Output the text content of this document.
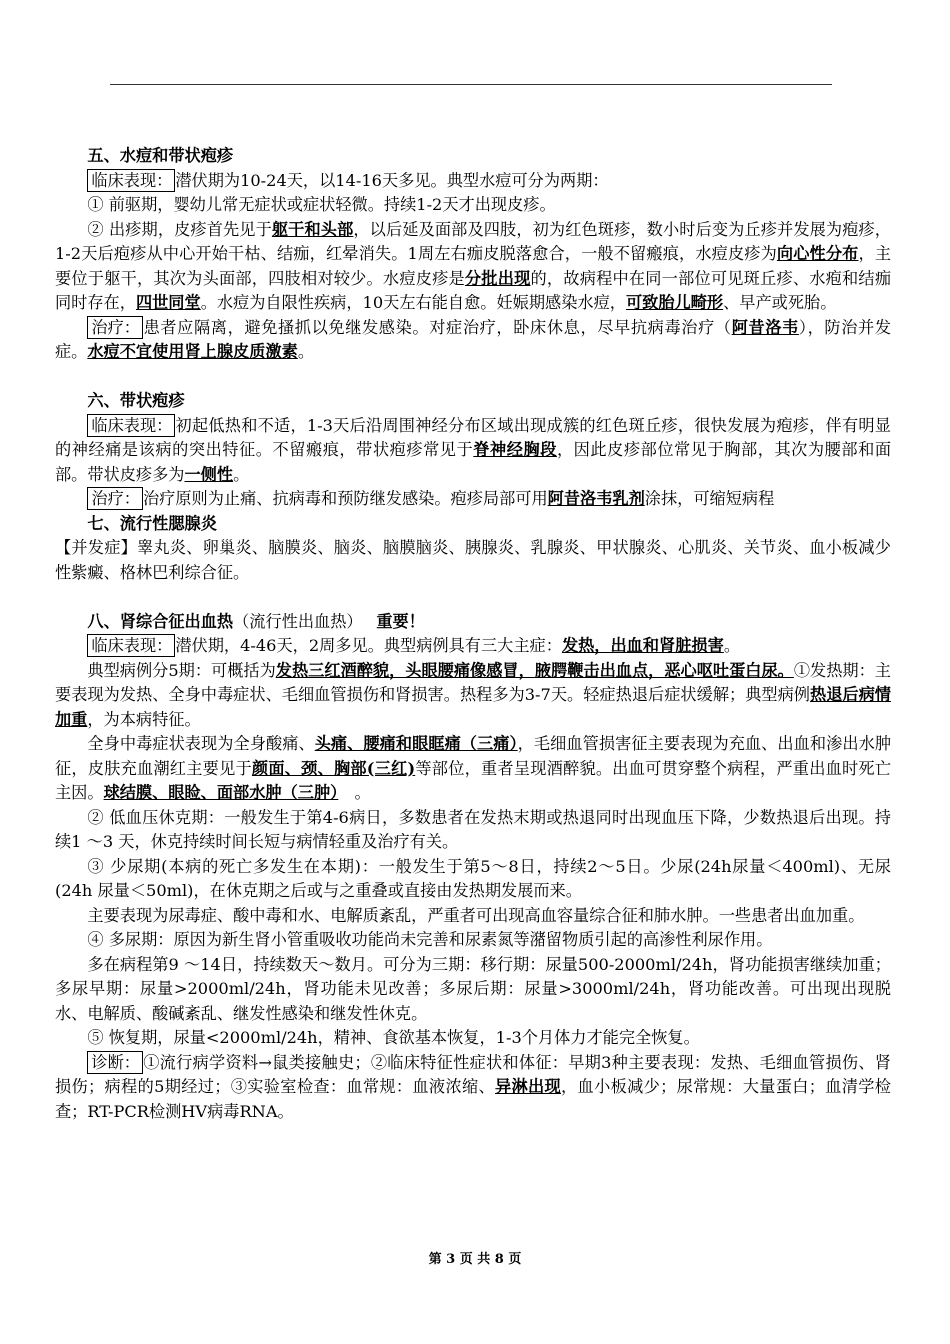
五、水痘和带状疱疹

临床表现： 潜伏期为10-24天，以14-16天多见。典型水痘可分为两期：

① 前驱期，婴幼儿常无症状或症状轻微。持续1-2天才出现皮疹。

② 出疹期，皮疹首先见于躯干和头部，以后延及面部及四肢，初为红色斑疹，数小时后变为丘疹并发展为疱疹，1-2天后疱疹从中心开始干枯、结痂，红晕消失。1周左右痂皮脱落愈合，一般不留瘢痕，水痘皮疹为向心性分布，主要位于躯干，其次为头面部，四肢相对较少。水痘皮疹是分批出现的，故病程中在同一部位可见斑丘疹、水疱和结痂同时存在，四世同堂。水痘为自限性疾病，10天左右能自愈。妊娠期感染水痘，可致胎儿畸形、早产或死胎。

治疗： 患者应隔离，避免搔抓以免继发感染。对症治疗，卧床休息，尽早抗病毒治疗（阿昔洛韦），防治并发症。水痘不宜使用肾上腺皮质激素。

六、带状疱疹

临床表现： 初起低热和不适，1-3天后沿周围神经分布区域出现成簇的红色斑丘疹，很快发展为疱疹，伴有明显的神经痛是该病的突出特征。不留瘢痕，带状疱疹常见于脊神经胸段，因此皮疹部位常见于胸部，其次为腰部和面部。带状皮疹多为一侧性。

治疗： 治疗原则为止痛、抗病毒和预防继发感染。疱疹局部可用阿昔洛韦乳剂涂抹，可缩短病程

七、流行性腮腺炎

【并发症】睾丸炎、卵巢炎、脑膜炎、脑炎、脑膜脑炎、胰腺炎、乳腺炎、甲状腺炎、心肌炎、关节炎、血小板减少性紫癜、格林巴利综合征。

八、肾综合征出血热（流行性出血热）　 重要！

临床表现： 潜伏期，4-46天，2周多见。典型病例具有三大主症：发热，出血和肾脏损害。

典型病例分5期：可概括为发热三红酒醉貌，头眼腰痛像感冒，腋腭鞭击出血点，恶心呕吐蛋白尿。①发热期：主要表现为发热、全身中毒症状、毛细血管损伤和肾损害。热程多为3-7天。轻症热退后症状缓解；典型病例热退后病情加重，为本病特征。

全身中毒症状表现为全身酸痛、头痛、腰痛和眼眶痛（三痛），毛细血管损害征主要表现为充血、出血和渗出水肿征，皮肤充血潮红主要见于颜面、颈、胸部(三红)等部位，重者呈现酒醉貌。出血可贯穿整个病程，严重出血时死亡主因。球结膜、眼睑、面部水肿（三肿）　。

② 低血压休克期：一般发生于第4-6病日，多数患者在发热末期或热退同时出现血压下降，少数热退后出现。持续1 ～3 天，休克持续时间长短与病情轻重及治疗有关。

③ 少尿期(本病的死亡多发生在本期)：一般发生于第5～8日，持续2～5日。少尿(24h尿量＜400ml)、无尿(24h 尿量＜50ml)，在休克期之后或与之重叠或直接由发热期发展而来。

主要表现为尿毒症、酸中毒和水、电解质紊乱，严重者可出现高血容量综合征和肺水肿。一些患者出血加重。

④ 多尿期：原因为新生肾小管重吸收功能尚未完善和尿素氮等潴留物质引起的高渗性利尿作用。

多在病程第9 ～14日，持续数天～数月。可分为三期：移行期：尿量500-2000ml/24h，肾功能损害继续加重；多尿早期：尿量>2000ml/24h，肾功能未见改善；多尿后期：尿量>3000ml/24h，肾功能改善。可出现出现脱水、电解质、酸碱紊乱、继发性感染和继发性休克。

⑤ 恢复期，尿量<2000ml/24h，精神、食欲基本恢复，1-3个月体力才能完全恢复。

诊断： ①流行病学资料→鼠类接触史；②临床特征性症状和体征：早期3种主要表现：发热、毛细血管损伤、肾损伤；病程的5期经过；③实验室检查：血常规：血液浓缩、异淋出现，血小板减少；尿常规：大量蛋白；血清学检查；RT-PCR检测HV病毒RNA。

第 3 页 共 8 页
